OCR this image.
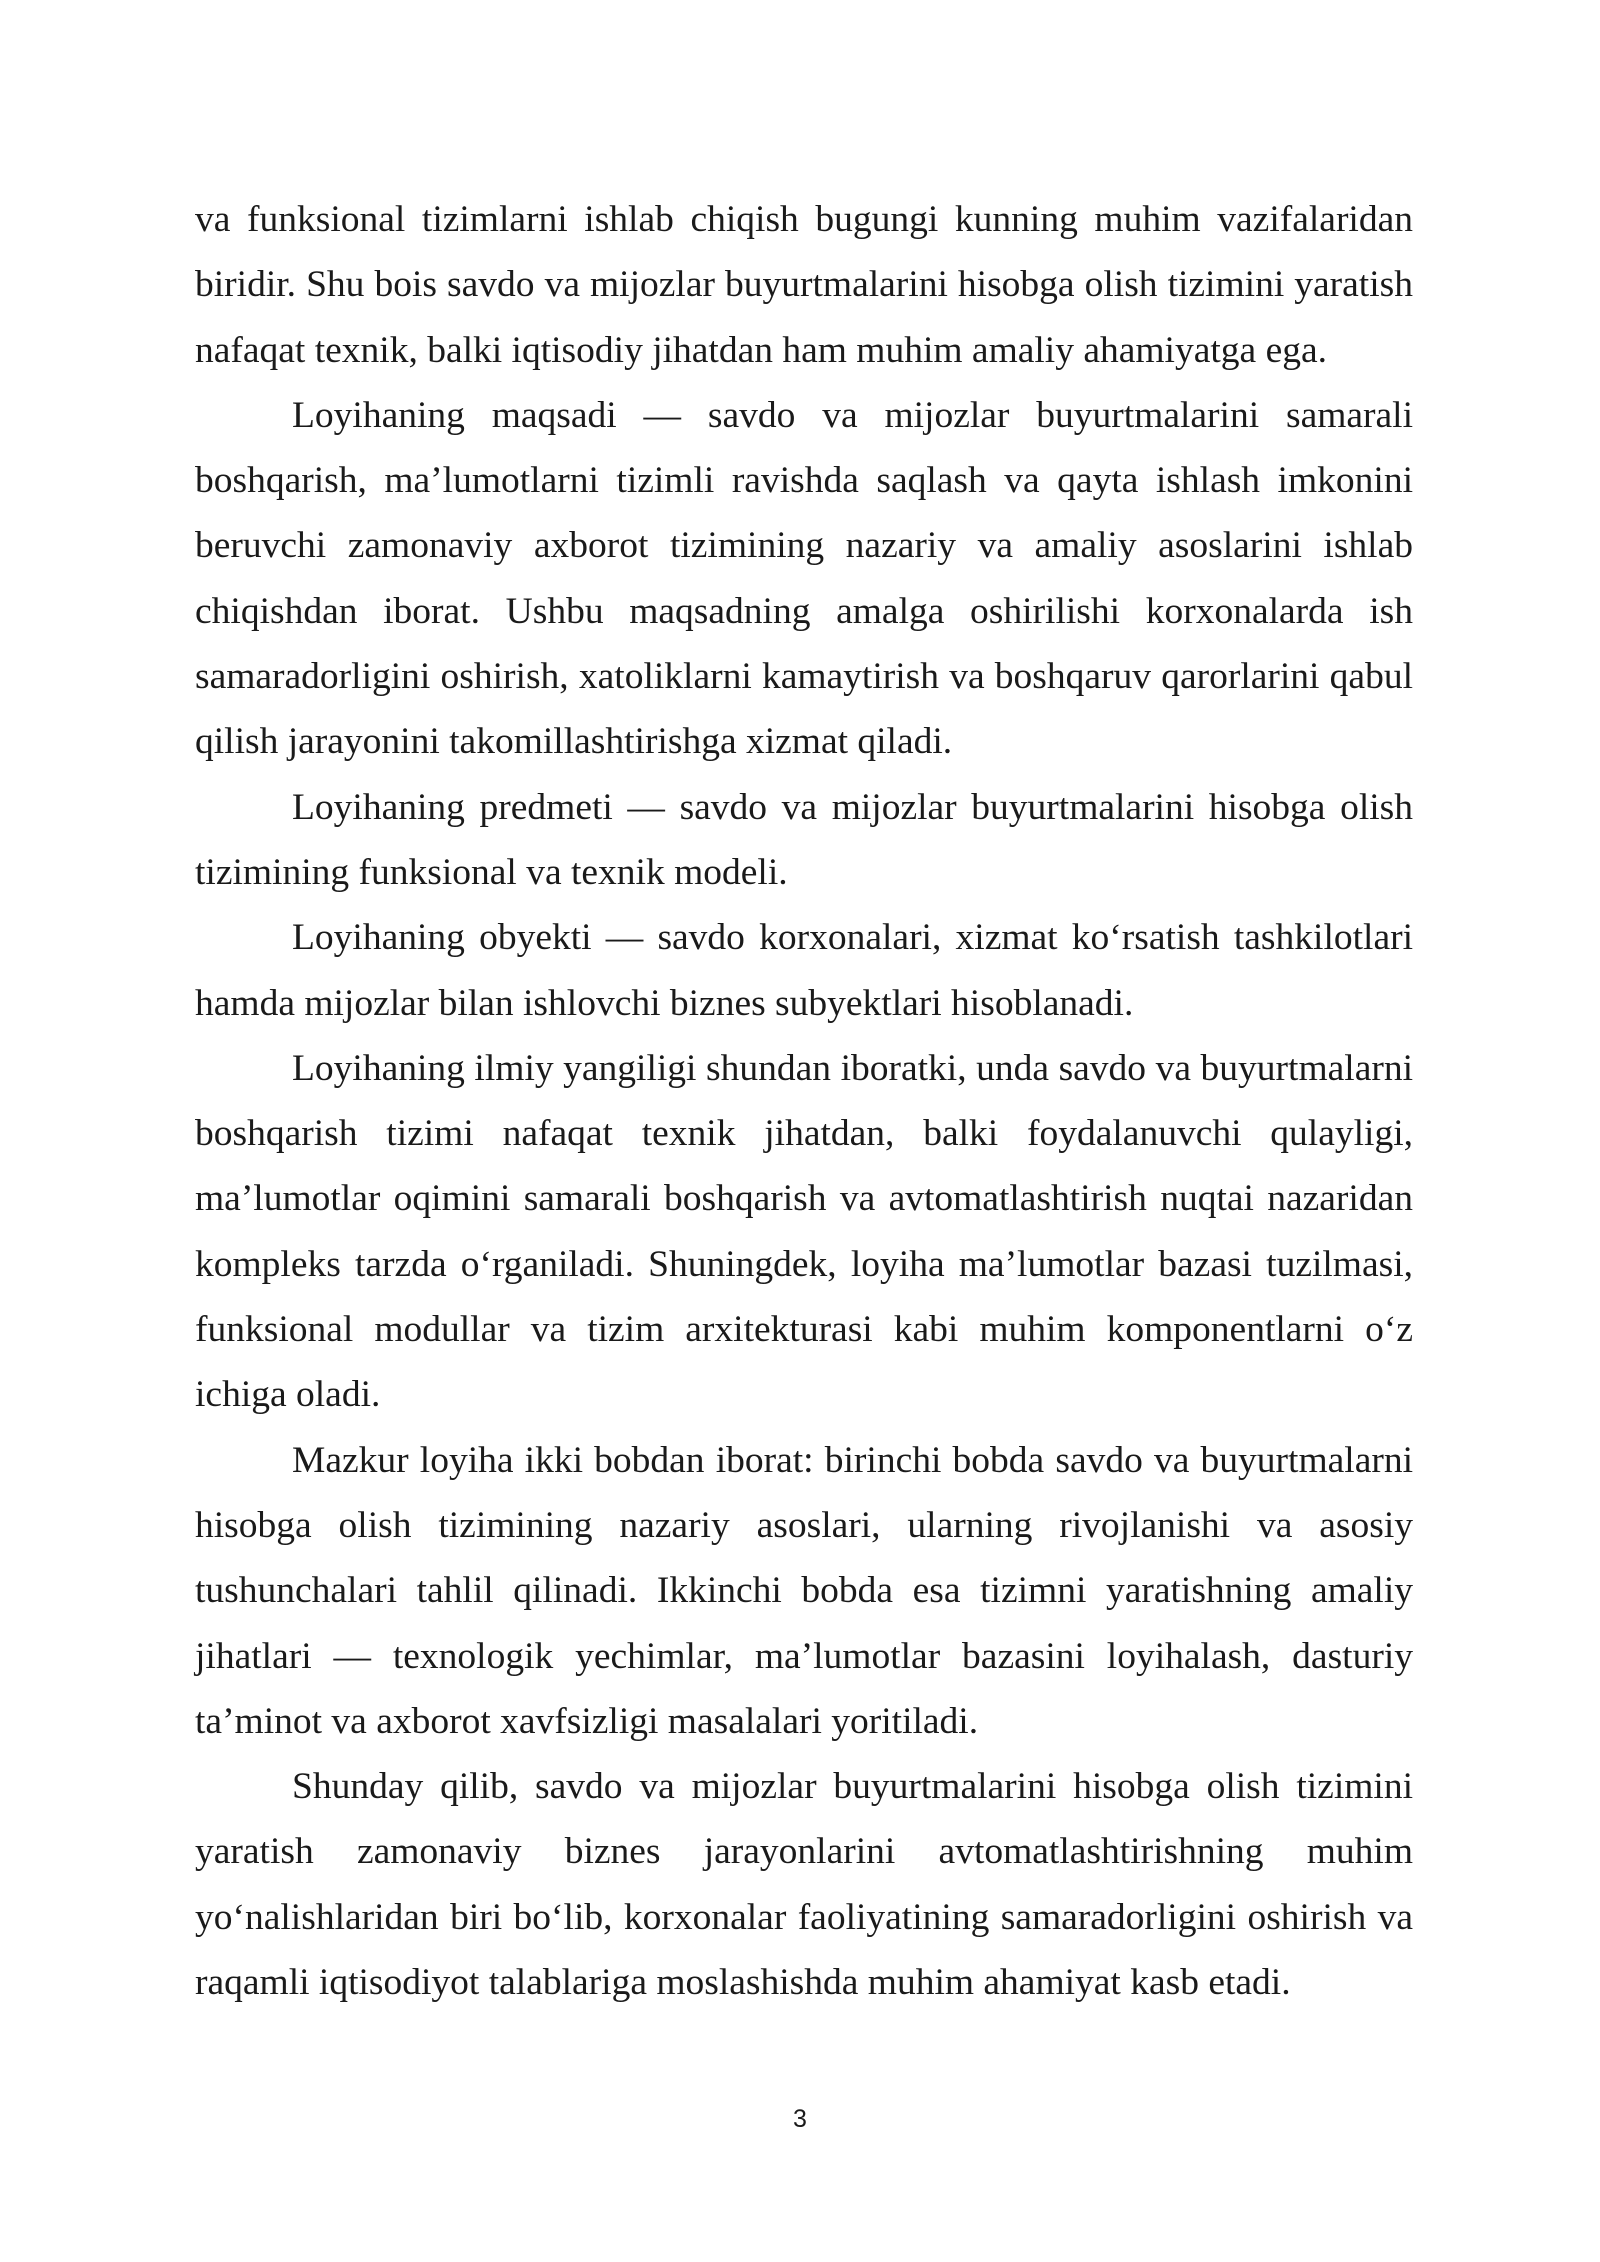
va funksional tizimlarni ishlab chiqish bugungi kunning muhim vazifalaridan biridir. Shu bois savdo va mijozlar buyurtmalarini hisobga olish tizimini yaratish nafaqat texnik, balki iqtisodiy jihatdan ham muhim amaliy ahamiyatga ega.

Loyihaning maqsadi — savdo va mijozlar buyurtmalarini samarali boshqarish, ma’lumotlarni tizimli ravishda saqlash va qayta ishlash imkonini beruvchi zamonaviy axborot tizimining nazariy va amaliy asoslarini ishlab chiqishdan iborat. Ushbu maqsadning amalga oshirilishi korxonalarda ish samaradorligini oshirish, xatoliklarni kamaytirish va boshqaruv qarorlarini qabul qilish jarayonini takomillashtirishga xizmat qiladi.

Loyihaning predmeti — savdo va mijozlar buyurtmalarini hisobga olish tizimining funksional va texnik modeli.

Loyihaning obyekti — savdo korxonalari, xizmat koʻrsatish tashkilotlari hamda mijozlar bilan ishlovchi biznes subyektlari hisoblanadi.

Loyihaning ilmiy yangiligi shundan iboratki, unda savdo va buyurtmalarni boshqarish tizimi nafaqat texnik jihatdan, balki foydalanuvchi qulayligi, ma’lumotlar oqimini samarali boshqarish va avtomatlashtirish nuqtai nazaridan kompleks tarzda oʻrganiladi. Shuningdek, loyiha ma’lumotlar bazasi tuzilmasi, funksional modullar va tizim arxitekturasi kabi muhim komponentlarni oʻz ichiga oladi.

Mazkur loyiha ikki bobdan iborat: birinchi bobda savdo va buyurtmalarni hisobga olish tizimining nazariy asoslari, ularning rivojlanishi va asosiy tushunchalari tahlil qilinadi. Ikkinchi bobda esa tizimni yaratishning amaliy jihatlari — texnologik yechimlar, ma’lumotlar bazasini loyihalash, dasturiy ta’minot va axborot xavfsizligi masalalari yoritiladi.

Shunday qilib, savdo va mijozlar buyurtmalarini hisobga olish tizimini yaratish zamonaviy biznes jarayonlarini avtomatlashtirishning muhim yoʻnalishlaridan biri boʻlib, korxonalar faoliyatining samaradorligini oshirish va raqamli iqtisodiyot talablariga moslashishda muhim ahamiyat kasb etadi.

3
